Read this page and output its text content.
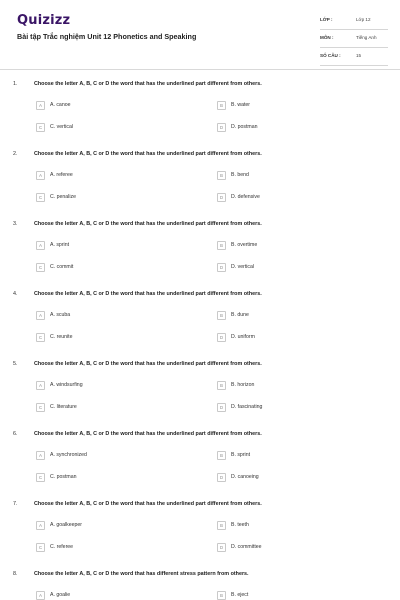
Quizizz
Bài tập Trắc nghiệm Unit 12 Phonetics and Speaking
LỚP :	Lớp 12
MÔN :	Tiếng Anh
SỐ CÂU :	15
1.	Choose the letter A, B, C or D the word that has the underlined part different from others.
A	A. canoe	B	B. water
C	C. vertical	D	D. postman
2.	Choose the letter A, B, C or D the word that has the underlined part different from others.
A	A. referee	B	B. bend
C	C. penalize	D	D. defensive
3.	Choose the letter A, B, C or D the word that has the underlined part different from others.
A	A. sprint	B	B. overtime
C	C. commit	D	D. vertical
4.	Choose the letter A, B, C or D the word that has the underlined part different from others.
A	A. scuba	B	B. dune
C	C. reunite	D	D. uniform
5.	Choose the letter A, B, C or D the word that has the underlined part different from others.
A	A. windsurfing	B	B. horizon
C	C. literature	D	D. fascinating
6.	Choose the letter A, B, C or D the word that has the underlined part different from others.
A	A. synchronized	B	B. sprint
C	C. postman	D	D. canoeing
7.	Choose the letter A, B, C or D the word that has the underlined part different from others.
A	A. goalkeeper	B	B. teeth
C	C. referee	D	D. committee
8.	Choose the letter A, B, C or D the word that has different stress pattern from others.
A	A. goalie	B	B. eject
